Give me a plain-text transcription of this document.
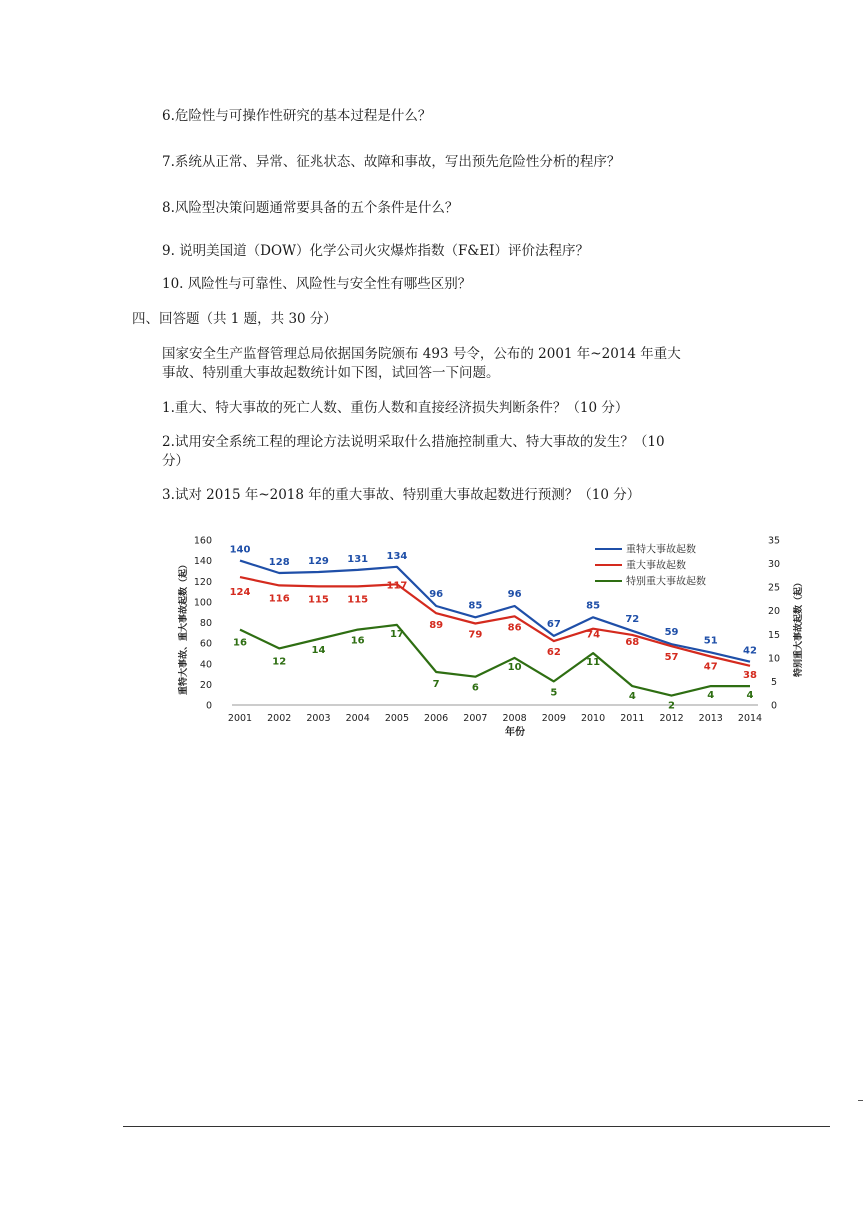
6.危险性与可操作性研究的基本过程是什么？
7.系统从正常、异常、征兆状态、故障和事故，写出预先危险性分析的程序？
8.风险型决策问题通常要具备的五个条件是什么？
9. 说明美国道（DOW）化学公司火灾爆炸指数（F&EI）评价法程序？
10. 风险性与可靠性、风险性与安全性有哪些区别？
四、回答题（共 1 题，共 30 分）
国家安全生产监督管理总局依据国务院颁布 493 号令，公布的 2001 年~2014 年重大
事故、特别重大事故起数统计如下图，试回答一下问题。
1.重大、特大事故的死亡人数、重伤人数和直接经济损失判断条件？（10 分）
2.试用安全系统工程的理论方法说明采取什么措施控制重大、特大事故的发生？（10
分）
3.试对 2015 年~2018 年的重大事故、特别重大事故起数进行预测？（10 分）
0
20
40
60
80
100
120
140
160
0
5
10
15
20
25
30
35
2001 2002 2003 2004 2005 2006 2007 2008 2009 2010 2011 2012 2013 2014
年份
重特大事故、重大事故起数（起）	特别重大事故起数（起）
140
128 129 131 134
96
85
96
67
85
72
59
51
42
124
116 115 115
117
89
79
86
62
74
68
57
47
38
16
12
14
16
17
7	6
10
5
11
4
2
4	4
重特大事故起数
重大事故起数
特别重大事故起数
